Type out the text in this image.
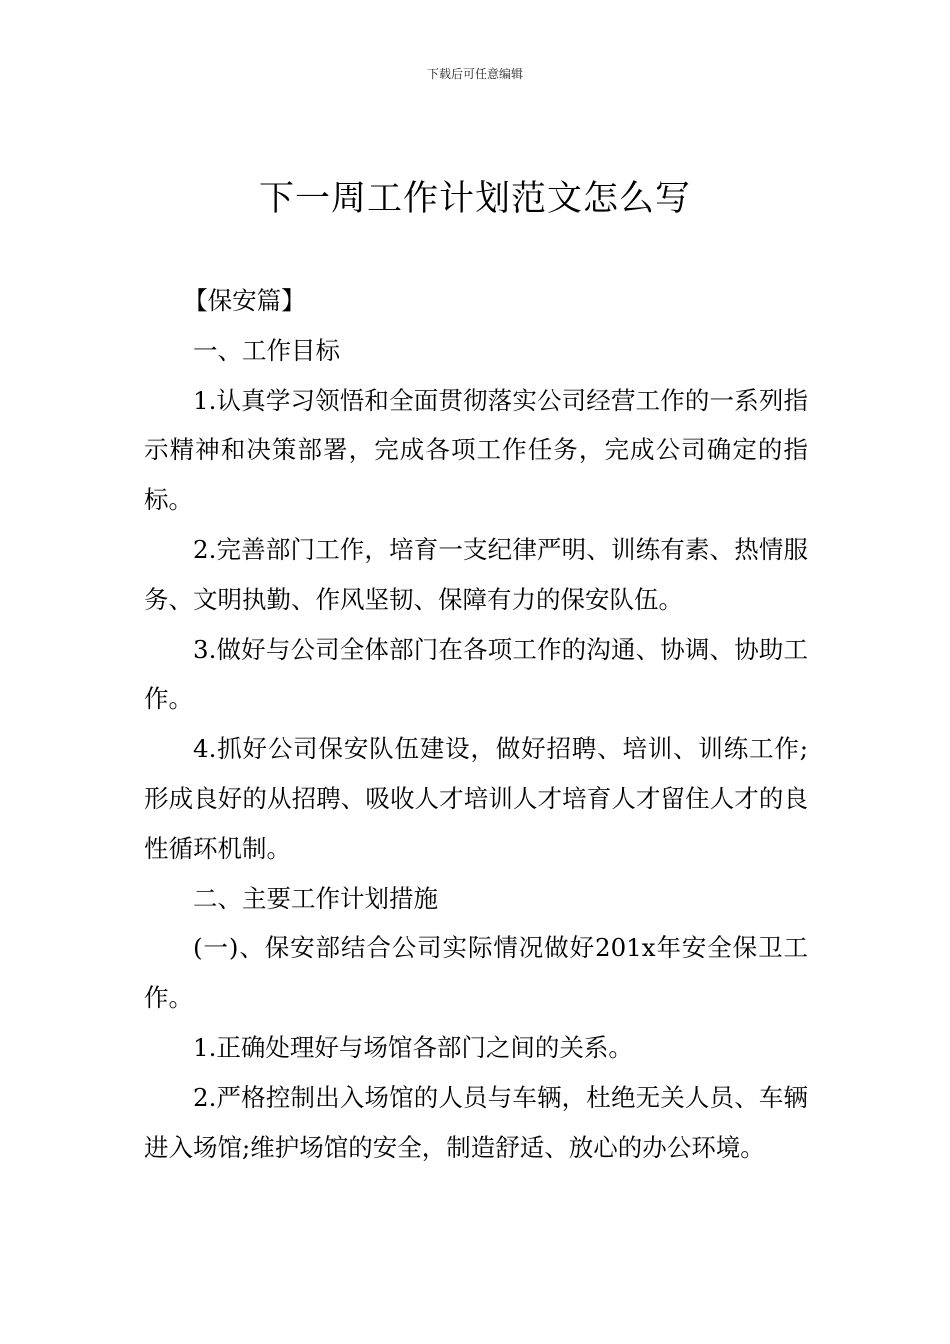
下载后可任意编辑
下一周工作计划范文怎么写

【保安篇】

一、工作目标

1.认真学习领悟和全面贯彻落实公司经营工作的一系列指示精神和决策部署，完成各项工作任务，完成公司确定的指标。

2.完善部门工作，培育一支纪律严明、训练有素、热情服务、文明执勤、作风坚韧、保障有力的保安队伍。

3.做好与公司全体部门在各项工作的沟通、协调、协助工作。

4.抓好公司保安队伍建设，做好招聘、培训、训练工作;形成良好的从招聘、吸收人才培训人才培育人才留住人才的良性循环机制。

二、主要工作计划措施

(一)、保安部结合公司实际情况做好201x年安全保卫工作。

1.正确处理好与场馆各部门之间的关系。

2.严格控制出入场馆的人员与车辆，杜绝无关人员、车辆进入场馆;维护场馆的安全，制造舒适、放心的办公环境。
